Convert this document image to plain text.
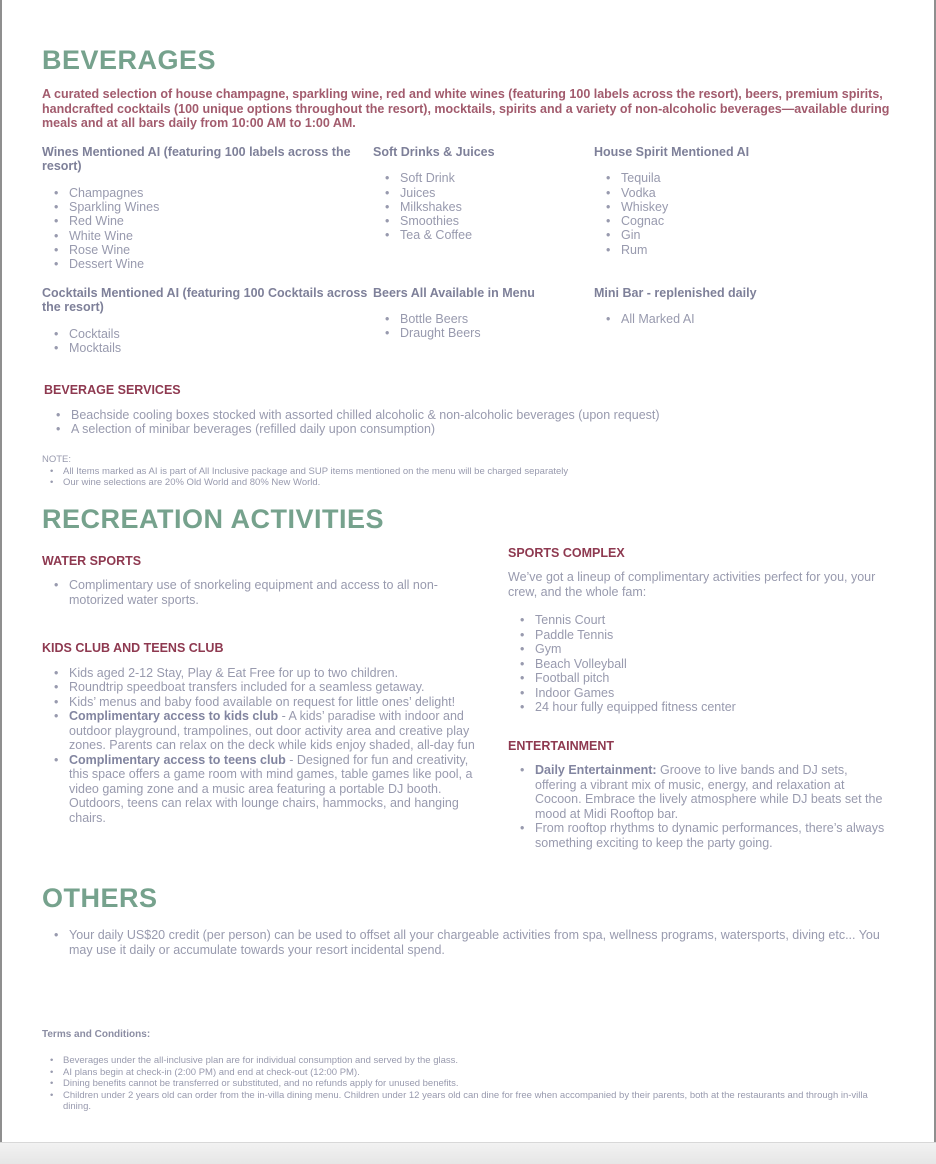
BEVERAGES

A curated selection of house champagne, sparkling wine, red and white wines (featuring 100 labels across the resort), beers, premium spirits, handcrafted cocktails (100 unique options throughout the resort), mocktails, spirits and a variety of non-alcoholic beverages—available during meals and at all bars daily from 10:00 AM to 1:00 AM.

Wines Mentioned AI (featuring 100 labels across the resort)
• Champagnes
• Sparkling Wines
• Red Wine
• White Wine
• Rose Wine
• Dessert Wine
Soft Drinks & Juices
• Soft Drink
• Juices
• Milkshakes
• Smoothies
• Tea & Coffee
House Spirit Mentioned AI
• Tequila
• Vodka
• Whiskey
• Cognac
• Gin
• Rum
Cocktails Mentioned AI (featuring 100 Cocktails across the resort)
• Cocktails
• Mocktails
Beers All Available in Menu
• Bottle Beers
• Draught Beers
Mini Bar - replenished daily
• All Marked AI
BEVERAGE SERVICES
• Beachside cooling boxes stocked with assorted chilled alcoholic & non-alcoholic beverages (upon request)
• A selection of minibar beverages (refilled daily upon consumption)
NOTE:
• All Items marked as AI is part of All Inclusive package and SUP items mentioned on the menu will be charged separately
• Our wine selections are 20% Old World and 80% New World.
RECREATION ACTIVITIES
WATER SPORTS
• Complimentary use of snorkeling equipment and access to all non-motorized water sports.
KIDS CLUB AND TEENS CLUB
• Kids aged 2-12 Stay, Play & Eat Free for up to two children.
• Roundtrip speedboat transfers included for a seamless getaway.
• Kids’ menus and baby food available on request for little ones’ delight!
• Complimentary access to kids club - A kids’ paradise with indoor and outdoor playground, trampolines, out door activity area and creative play zones. Parents can relax on the deck while kids enjoy shaded, all-day fun
• Complimentary access to teens club - Designed for fun and creativity, this space offers a game room with mind games, table games like pool, a video gaming zone and a music area featuring a portable DJ booth. Outdoors, teens can relax with lounge chairs, hammocks, and hanging chairs.
SPORTS COMPLEX

We’ve got a lineup of complimentary activities perfect for you, your crew, and the whole fam:

• Tennis Court
• Paddle Tennis
• Gym
• Beach Volleyball
• Football pitch
• Indoor Games
• 24 hour fully equipped fitness center
ENTERTAINMENT
• Daily Entertainment: Groove to live bands and DJ sets, offering a vibrant mix of music, energy, and relaxation at Cocoon. Embrace the lively atmosphere while DJ beats set the mood at Midi Rooftop bar.
• From rooftop rhythms to dynamic performances, there’s always something exciting to keep the party going.
OTHERS
• Your daily US$20 credit (per person) can be used to offset all your chargeable activities from spa, wellness programs, watersports, diving etc... You may use it daily or accumulate towards your resort incidental spend.

Terms and Conditions:

• Beverages under the all-inclusive plan are for individual consumption and served by the glass.
• AI plans begin at check-in (2:00 PM) and end at check-out (12:00 PM).
• Dining benefits cannot be transferred or substituted, and no refunds apply for unused benefits.
• Children under 2 years old can order from the in-villa dining menu. Children under 12 years old can dine for free when accompanied by their parents, both at the restaurants and through in-villa dining.
